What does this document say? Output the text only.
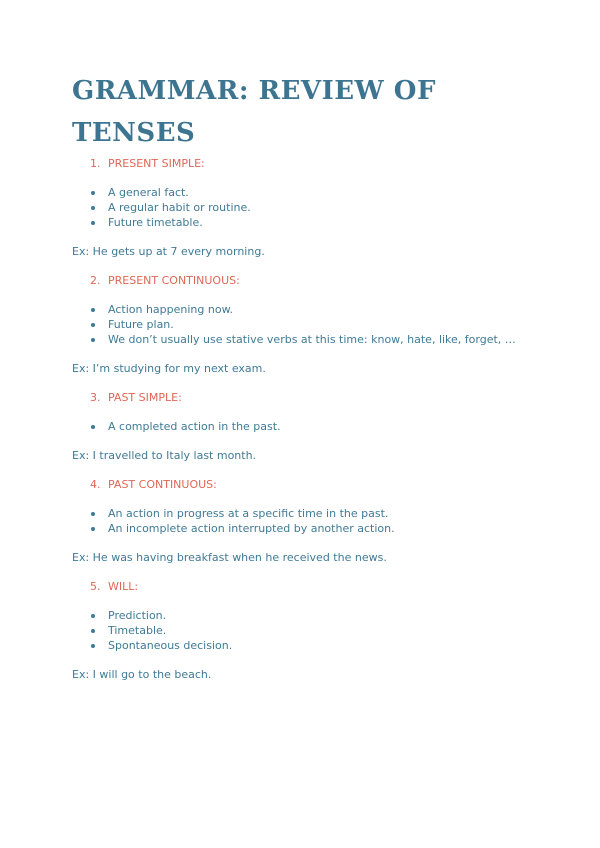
GRAMMAR: REVIEW OF TENSES
1. PRESENT SIMPLE:
A general fact.
A regular habit or routine.
Future timetable.

Ex: He gets up at 7 every morning.

2. PRESENT CONTINUOUS:
Action happening now.
Future plan.
We don’t usually use stative verbs at this time: know, hate, like, forget, …

Ex: I’m studying for my next exam.

3. PAST SIMPLE:
A completed action in the past.

Ex: I travelled to Italy last month.

4. PAST CONTINUOUS:
An action in progress at a specific time in the past.
An incomplete action interrupted by another action.

Ex: He was having breakfast when he received the news.

5. WILL:
Prediction.
Timetable.
Spontaneous decision.

Ex: I will go to the beach.
